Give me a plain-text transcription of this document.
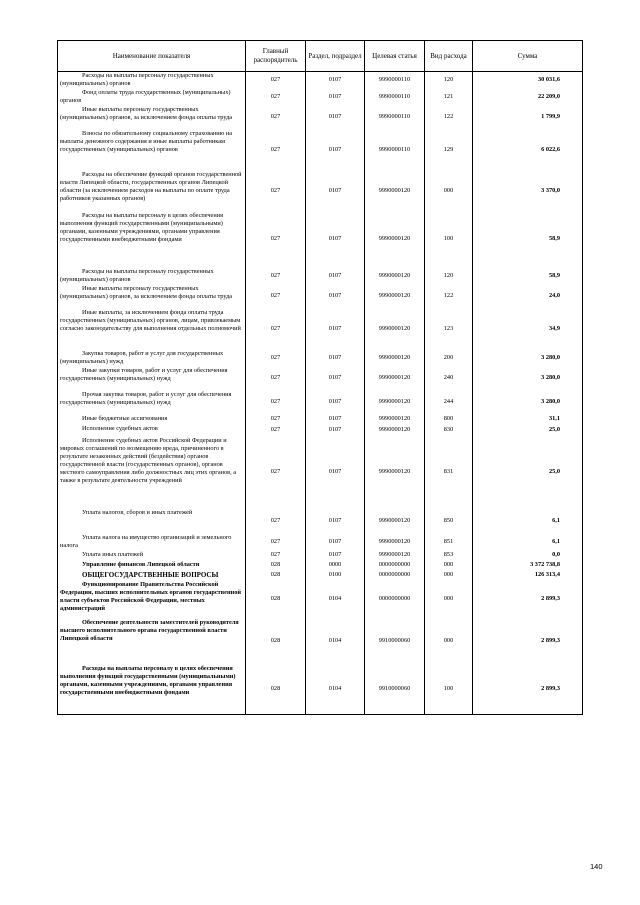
Наименование показателя	Главный распорядитель	Раздел, подраздел	Целевая статья	Вид расхода	Сумма
Расходы на выплаты персоналу государственных (муниципальных) органов	027	0107	9990000110	120	30 031,6
Фонд оплаты труда государственных (муниципальных) органов	027	0107	9990000110	121	22 209,0
Иные выплаты персоналу государственных (муниципальных) органов, за исключением фонда оплаты труда	027	0107	9990000110	122	1 799,9
Взносы по обязательному социальному страхованию на выплаты денежного содержания и иные выплаты работникам государственных (муниципальных) органов	027	0107	9990000110	129	6 022,6
Расходы на обеспечение функций органов государственной власти Липецкой области, государственных органов Липецкой области (за исключением расходов на выплаты по оплате труда работников указанных органов)	027	0107	9990000120	000	3 370,0
Расходы на выплаты персоналу в целях обеспечения выполнения функций государственными (муниципальными) органами, казенными учреждениями, органами управления государственными внебюджетными фондами	027	0107	9990000120	100	58,9
Расходы на выплаты персоналу государственных (муниципальных) органов	027	0107	9990000120	120	58,9
Иные выплаты персоналу государственных (муниципальных) органов, за исключением фонда оплаты труда	027	0107	9990000120	122	24,0
Иные выплаты, за исключением фонда оплаты труда государственных (муниципальных) органов, лицам, привлекаемым согласно законодательству для выполнения отдельных полномочий	027	0107	9990000120	123	34,9
Закупка товаров, работ и услуг для государственных (муниципальных) нужд	027	0107	9990000120	200	3 280,0
Иные закупки товаров, работ и услуг для обеспечения государственных (муниципальных) нужд	027	0107	9990000120	240	3 280,0
Прочая закупка товаров, работ и услуг для обеспечения государственных (муниципальных) нужд	027	0107	9990000120	244	3 280,0
Иные бюджетные ассигнования	027	0107	9990000120	800	31,1
Исполнение судебных актов	027	0107	9990000120	830	25,0
Исполнение судебных актов Российской Федерации и мировых соглашений по возмещению вреда, причиненного в результате незаконных действий (бездействия) органов государственной власти (государственных органов), органов местного самоуправления либо должностных лиц этих органов, а также в результате деятельности учреждений	027	0107	9990000120	831	25,0
Уплата налогов, сборов и иных платежей	027	0107	9990000120	850	6,1
Уплата налога на имущество организаций и земельного налога	027	0107	9990000120	851	6,1
Уплата иных платежей	027	0107	9990000120	853	0,0
Управление финансов Липецкой области	028	0000	0000000000	000	3 372 738,8
ОБЩЕГОСУДАРСТВЕННЫЕ ВОПРОСЫ	028	0100	0000000000	000	126 313,4
Функционирование Правительства Российской Федерации, высших исполнительных органов государственной власти субъектов Российской Федерации, местных администраций	028	0104	0000000000	000	2 899,3
Обеспечение деятельности заместителей руководителя высшего исполнительного органа государственной власти Липецкой области	028	0104	9910000060	000	2 899,3
Расходы на выплаты персоналу в целях обеспечения выполнения функций государственными (муниципальными) органами, казенными учреждениями, органами управления государственными внебюджетными фондами	028	0104	9910000060	100	2 899,3
140
